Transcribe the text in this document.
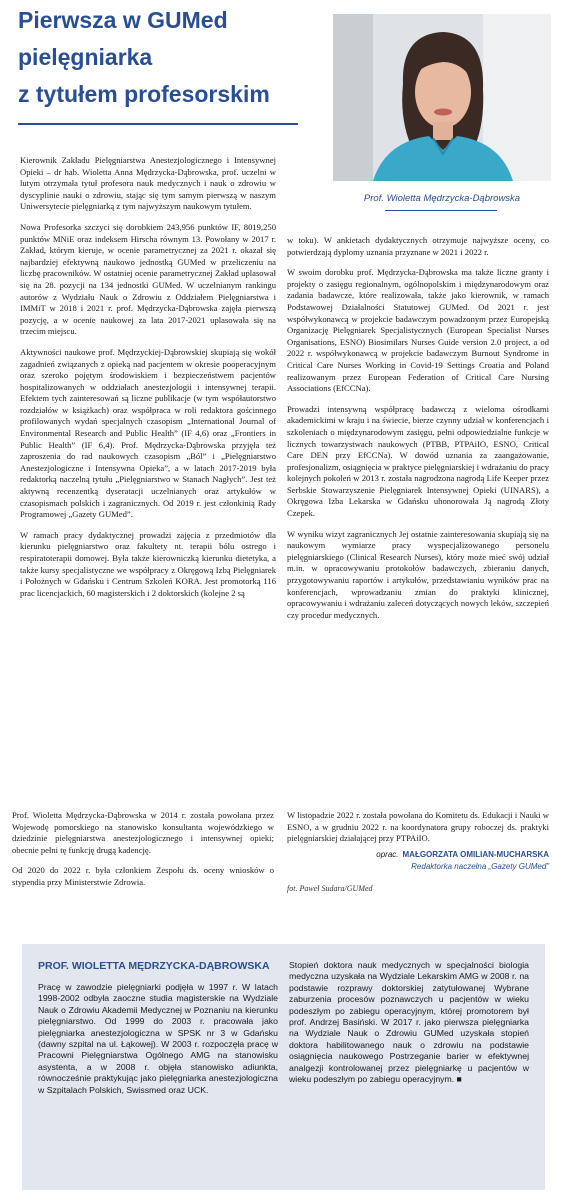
Pierwsza w GUMed
pielęgniarka
z tytułem profesorskim
Prof. Wioletta Mędrzycka-Dąbrowska

Kierownik Zakładu Pielęgniarstwa Anestezjologicznego i Intensywnej Opieki – dr hab. Wioletta Anna Mędrzycka-Dąbrowska, prof. uczelni w lutym otrzymała tytuł profesora nauk medycznych i nauk o zdrowiu w dyscyplinie nauki o zdrowiu, stając się tym samym pierwszą w naszym Uniwersytecie pielęgniarką z tym najwyższym naukowym tytułem.

Nowa Profesorka szczyci się dorobkiem 243,956 punktów IF, 8019,250 punktów MNiE oraz indeksem Hirscha równym 13. Powołany w 2017 r. Zakład, którym kieruje, w ocenie parametrycznej za 2021 r. okazał się najbardziej efektywną naukowo jednostką GUMed w przeliczeniu na liczbę pracowników. W ostatniej ocenie parametrycznej Zakład uplasował się na 28. pozycji na 134 jednostki GUMed. W uczelnianym rankingu autorów z Wydziału Nauk o Zdrowiu z Oddziałem Pielęgniarstwa i IMMiT w 2018 i 2021 r. prof. Mędrzycka-Dąbrowska zajęła pierwszą pozycję, a w ocenie naukowej za lata 2017-2021 uplasowała się na trzecim miejscu.

Aktywności naukowe prof. Mędrzyckiej-Dąbrowskiej skupiają się wokół zagadnień związanych z opieką nad pacjentem w okresie pooperacyjnym oraz szeroko pojętym środowiskiem i bezpieczeństwem pacjentów hospitalizowanych w oddziałach anestezjologii i intensywnej terapii. Efektem tych zainteresowań są liczne publikacje (w tym współautorstwo rozdziałów w książkach) oraz współpraca w roli redaktora gościnnego profilowanych wydań specjalnych czasopism „International Journal of Environmental Research and Public Health” (IF 4,6) oraz „Frontiers in Public Health” (IF 6,4). Prof. Mędrzycka-Dąbrowska przyjęła też zaproszenia do rad naukowych czasopism „Ból” i „Pielęgniarstwo Anestezjologiczne i Intensywna Opieka”, a w latach 2017-2019 była redaktorką naczelną tytułu „Pielęgniarstwo w Stanach Nagłych”. Jest też aktywną recenzentką dyseratacji uczelnianych oraz artykułów w czasopismach polskich i zagranicznych. Od 2019 r. jest członkinią Rady Programowej „Gazety GUMed”.

W ramach pracy dydaktycznej prowadzi zajęcia z przedmiotów dla kierunku pielęgniarstwo oraz fakultety nt. terapii bólu ostrego i respiratoterapii domowej. Była także kierowniczką kierunku dietetyka, a także kursy specjalistyczne we współpracy z Okręgową Izbą Pielęgniarek i Położnych w Gdańsku i Centrum Szkoleń KORA. Jest promotorką 116 prac licencjackich, 60 magisterskich i 2 doktorskich (kolejne 2 są

w toku). W ankietach dydaktycznych otrzymuje najwyższe oceny, co potwierdzają dyplomy uznania przyznane w 2021 i 2022 r.

W swoim dorobku prof. Mędrzycka-Dąbrowska ma także liczne granty i projekty o zasięgu regionalnym, ogólnopolskim i międzynarodowym oraz zadania badawcze, które realizowała, także jako kierownik, w ramach Podstawowej Działalności Statutowej GUMed. Od 2021 r. jest współwykonawcą w projekcie badawczym powadzonym przez Europejską Organizację Pielęgniarek Specjalistycznych (European Specialist Nurses Organisations, ESNO) Biosimilars Nurses Guide version 2.0 project, a od 2022 r. współwykonawcą w projekcie badawczym Burnout Syndrome in Critical Care Nurses Working in Covid-19 Settings Croatia and Poland realizowanym przez European Federation of Critical Care Nursing Associations (EfCCNa).

Prowadzi intensywną współpracę badawczą z wieloma ośrodkami akademickimi w kraju i na świecie, bierze czynny udział w konferencjach i szkoleniach o międzynarodowym zasięgu, pełni odpowiedzialne funkcje w licznych towarzystwach naukowych (PTBB, PTPAiIO, ESNO, Critical Care DEN przy EfCCNa). W dowód uznania za zaangażowanie, profesjonalizm, osiągnięcia w praktyce pielęgniarskiej i wdrażaniu do pracy kolejnych pokoleń w 2013 r. została nagrodzona nagrodą Life Keeper przez Serbskie Stowarzyszenie Pielęgniarek Intensywnej Opieki (UINARS), a Okręgowa Izba Lekarska w Gdańsku uhonorowała Ją nagrodą Złoty Czepek.

W wyniku wizyt zagranicznych Jej ostatnie zainteresowania skupiają się na naukowym wymiarze pracy wyspecjalizowanego personelu pielęgniarskiego (Clinical Research Nurses), który może mieć swój udział m.in. w opracowywaniu protokołów badawczych, zbieraniu danych, przygotowywaniu raportów i artykułów, przedstawianiu wyników prac na konferencjach, wprowadzaniu zmian do praktyki klinicznej, opracowywaniu i wdrażaniu zaleceń dotyczących nowych leków, szczepień czy procedur medycznych.

Prof. Wioletta Mędrzycka-Dąbrowska w 2014 r. została powołana przez Wojewodę pomorskiego na stanowisko konsultanta wojewódzkiego w dziedzinie pielęgniarstwa anestezjologicznego i intensywnej opieki; obecnie pełni tę funkcję drugą kadencję.

Od 2020 do 2022 r. była członkiem Zespołu ds. oceny wniosków o stypendia przy Ministerstwie Zdrowia.

W listopadzie 2022 r. została powołana do Komitetu ds. Edukacji i Nauki w ESNO, a w grudniu 2022 r. na koordynatora grupy roboczej ds. praktyki pielęgniarskiej działającej przy PTPAiIO.

oprac. MAŁGORZATA OMILIAN-MUCHARSKA
Redaktorka naczelna „Gazety GUMed”
fot. Paweł Sudara/GUMed
PROF. WIOLETTA MĘDRZYCKA-DĄBROWSKA
Pracę w zawodzie pielęgniarki podjęła w 1997 r. W latach 1998-2002 odbyła zaoczne studia magisterskie na Wydziale Nauk o Zdrowiu Akademii Medycznej w Poznaniu na kierunku pielęgniarstwo. Od 1999 do 2003 r. pracowała jako pielęgniarka anestezjologiczna w SPSK nr 3 w Gdańsku (dawny szpital na ul. Łąkowej). W 2003 r. rozpoczęła pracę w Pracowni Pielęgniarstwa Ogólnego AMG na stanowisku asystenta, a w 2008 r. objęła stanowisko adiunkta, równocześnie praktykując jako pielęgniarka anestezjologiczna w Szpitalach Polskich, Swissmed oraz UCK.
Stopień doktora nauk medycznych w specjalności biologia medyczna uzyskała na Wydziale Lekarskim AMG w 2008 r. na podstawie rozprawy doktorskiej zatytułowanej Wybrane zaburzenia procesów poznawczych u pacjentów w wieku podeszłym po zabiegu operacyjnym, której promotorem był prof. Andrzej Basiński. W 2017 r. jako pierwsza pielęgniarka na Wydziale Nauk o Zdrowiu GUMed uzyskała stopień doktora habilitowanego nauk o zdrowiu na podstawie osiągnięcia naukowego Postrzeganie barier w efektywnej analgezji kontrolowanej przez pielęgniarkę u pacjentów w wieku podeszłym po zabiegu operacyjnym. ■
